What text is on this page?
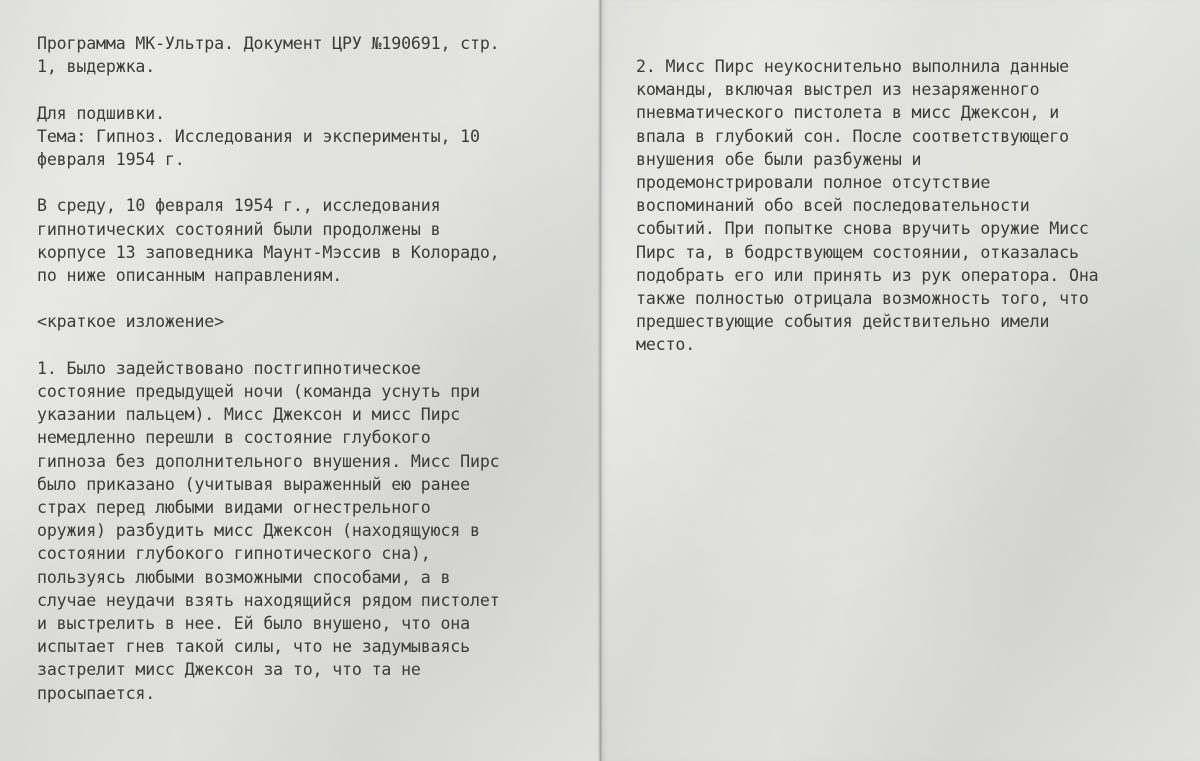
Программа МК-Ультра. Документ ЦРУ №190691, стр.
1, выдержка.

Для подшивки.
Тема: Гипноз. Исследования и эксперименты, 10
февраля 1954 г.

В среду, 10 февраля 1954 г., исследования
гипнотических состояний были продолжены в
корпусе 13 заповедника Маунт-Мэссив в Колорадо,
по ниже описанным направлениям.

<краткое изложение>

1. Было задействовано постгипнотическое
состояние предыдущей ночи (команда уснуть при
указании пальцем). Мисс Джексон и мисс Пирс
немедленно перешли в состояние глубокого
гипноза без дополнительного внушения. Мисс Пирс
было приказано (учитывая выраженный ею ранее
страх перед любыми видами огнестрельного
оружия) разбудить мисс Джексон (находящуюся в
состоянии глубокого гипнотического сна),
пользуясь любыми возможными способами, а в
случае неудачи взять находящийся рядом пистолет
и выстрелить в нее. Ей было внушено, что она
испытает гнев такой силы, что не задумываясь
застрелит мисс Джексон за то, что та не
просыпается.
2. Мисс Пирс неукоснительно выполнила данные
команды, включая выстрел из незаряженного
пневматического пистолета в мисс Джексон, и
впала в глубокий сон. После соответствующего
внушения обе были разбужены и
продемонстрировали полное отсутствие
воспоминаний обо всей последовательности
событий. При попытке снова вручить оружие Мисс
Пирс та, в бодрствующем состоянии, отказалась
подобрать его или принять из рук оператора. Она
также полностью отрицала возможность того, что
предшествующие события действительно имели
место.
